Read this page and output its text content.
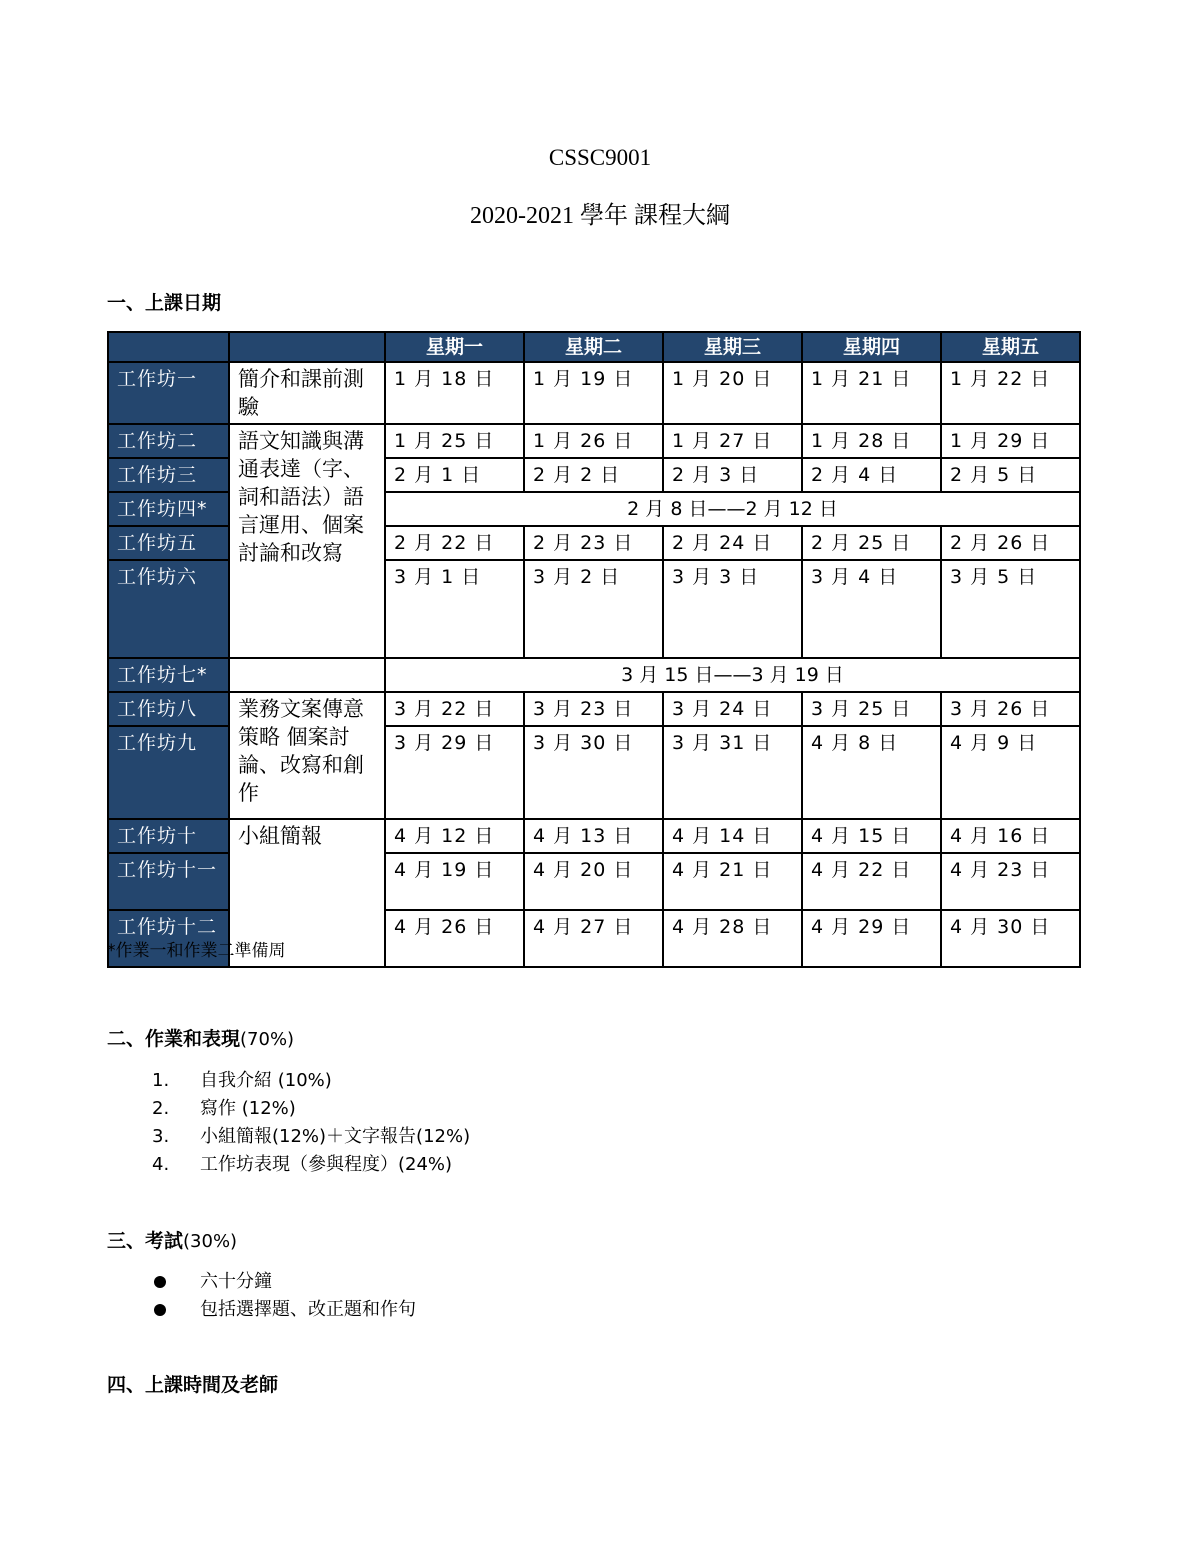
CSSC9001
2020-2021 學年 課程大綱
一、上課日期
		星期一	星期二	星期三	星期四	星期五
工作坊一	簡介和課前測驗	1 月 18 日	1 月 19 日	1 月 20 日	1 月 21 日	1 月 22 日
工作坊二	語文知識與溝通表達（字、詞和語法）語言運用、個案討論和改寫	1 月 25 日	1 月 26 日	1 月 27 日	1 月 28 日	1 月 29 日
工作坊三		2 月 1 日	2 月 2 日	2 月 3 日	2 月 4 日	2 月 5 日
工作坊四*		2 月 8 日——2 月 12 日				
工作坊五		2 月 22 日	2 月 23 日	2 月 24 日	2 月 25 日	2 月 26 日
工作坊六		3 月 1 日	3 月 2 日	3 月 3 日	3 月 4 日	3 月 5 日
工作坊七*		3 月 15 日——3 月 19 日				
工作坊八	業務文案傳意策略 個案討論、改寫和創作	3 月 22 日	3 月 23 日	3 月 24 日	3 月 25 日	3 月 26 日
工作坊九		3 月 29 日	3 月 30 日	3 月 31 日	4 月 8 日	4 月 9 日
工作坊十	小組簡報	4 月 12 日	4 月 13 日	4 月 14 日	4 月 15 日	4 月 16 日
工作坊十一		4 月 19 日	4 月 20 日	4 月 21 日	4 月 22 日	4 月 23 日
工作坊十二		4 月 26 日	4 月 27 日	4 月 28 日	4 月 29 日	4 月 30 日
*作業一和作業二準備周
二、作業和表現(70%)
1.	自我介紹 (10%)
2.	寫作 (12%)
3.	小組簡報(12%)＋文字報告(12%)
4.	工作坊表現（參與程度）(24%)
三、考試(30%)
六十分鐘
包括選擇題、改正題和作句
四、上課時間及老師
